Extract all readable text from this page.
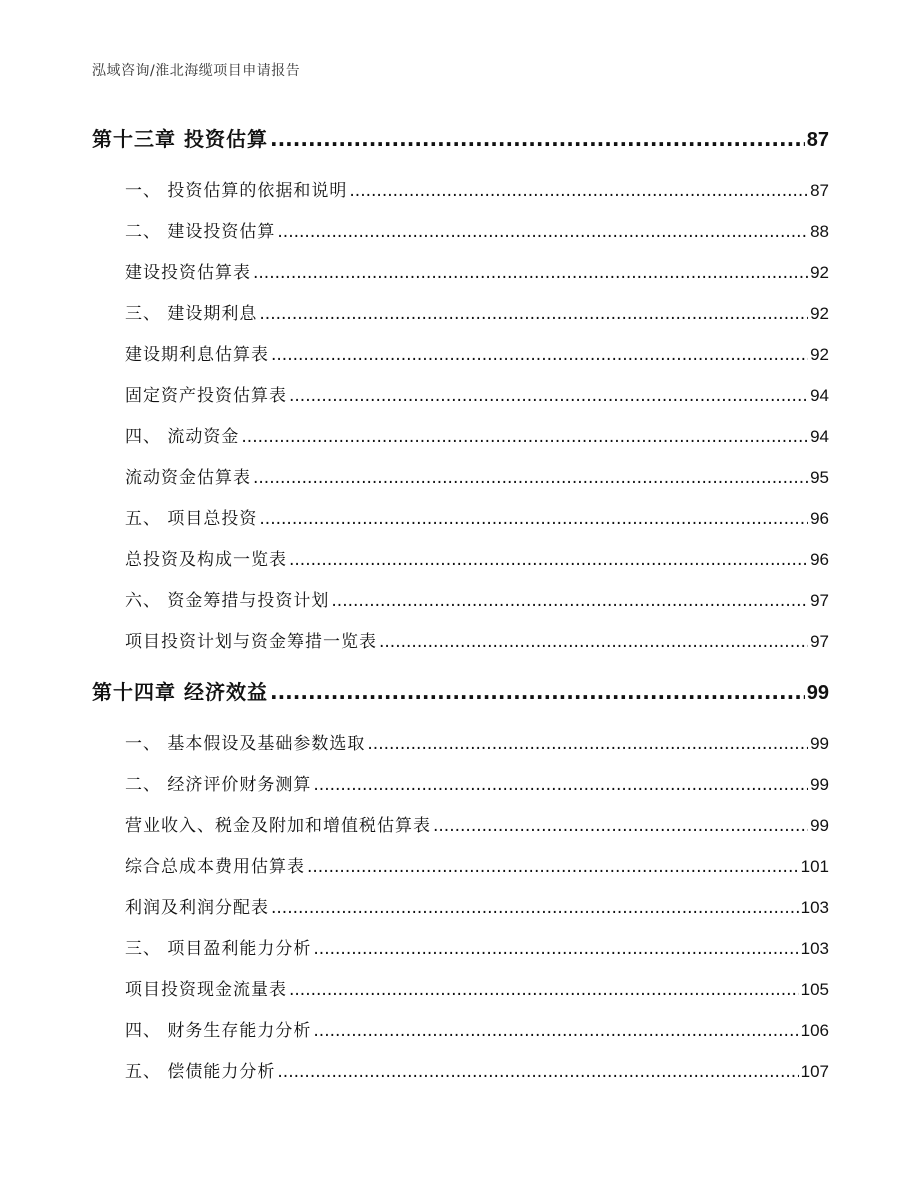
泓域咨询/淮北海缆项目申请报告
第十三章 投资估算 .....	87
一、 投资估算的依据和说明 .....	87
二、 建设投资估算 .....	88
建设投资估算表 .....	92
三、 建设期利息 .....	92
建设期利息估算表 .....	92
固定资产投资估算表 .....	94
四、 流动资金 .....	94
流动资金估算表 .....	95
五、 项目总投资 .....	96
总投资及构成一览表 .....	96
六、 资金筹措与投资计划 .....	97
项目投资计划与资金筹措一览表 .....	97
第十四章 经济效益 .....	99
一、 基本假设及基础参数选取 .....	99
二、 经济评价财务测算 .....	99
营业收入、税金及附加和增值税估算表 .....	99
综合总成本费用估算表 .....	101
利润及利润分配表 .....	103
三、 项目盈利能力分析 .....	103
项目投资现金流量表 .....	105
四、 财务生存能力分析 .....	106
五、 偿债能力分析 .....	107
